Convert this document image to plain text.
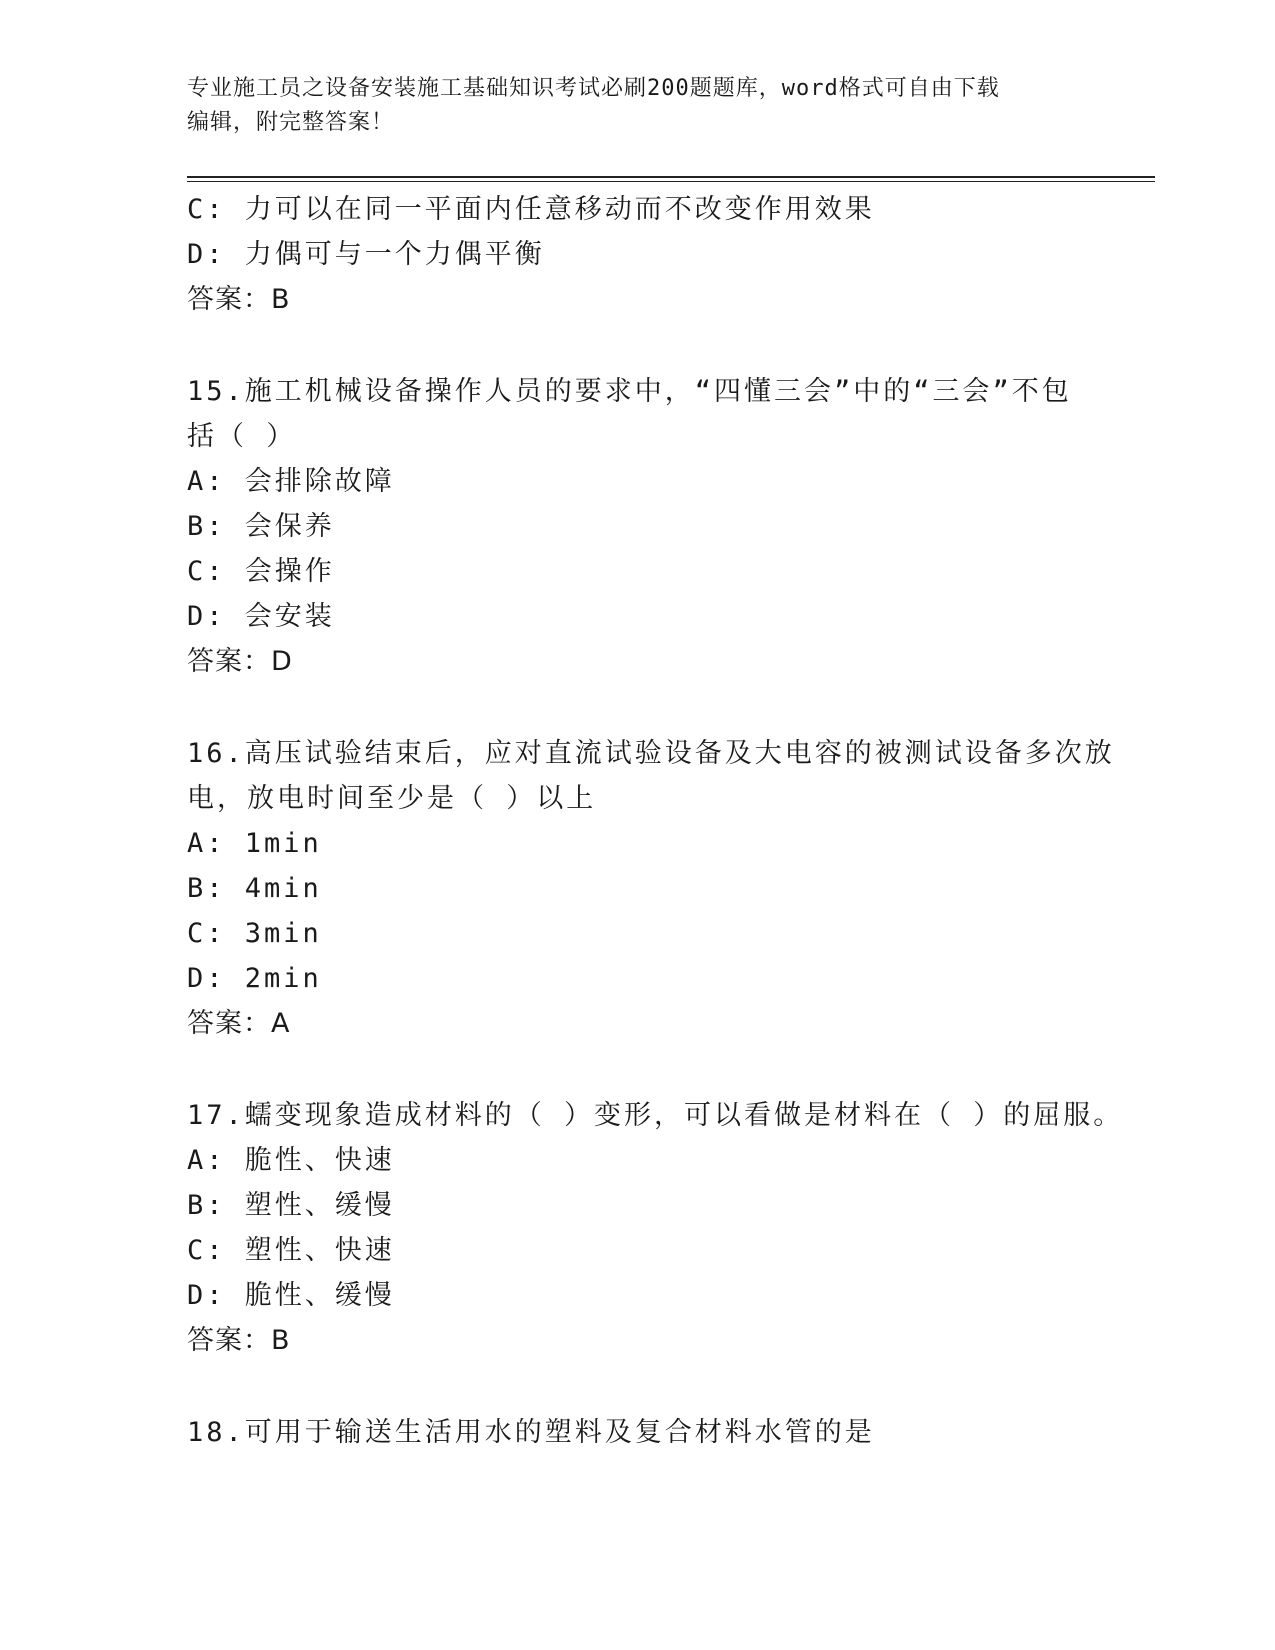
专业施工员之设备安装施工基础知识考试必刷200题题库，word格式可自由下载
编辑，附完整答案！
C: 力可以在同一平面内任意移动而不改变作用效果
D: 力偶可与一个力偶平衡
答案：B
15.施工机械设备操作人员的要求中，“四懂三会”中的“三会”不包
括（ ）
A: 会排除故障
B: 会保养
C: 会操作
D: 会安装
答案：D
16.高压试验结束后，应对直流试验设备及大电容的被测试设备多次放
电，放电时间至少是（ ）以上
A: 1min
B: 4min
C: 3min
D: 2min
答案：A
17.蠕变现象造成材料的（ ）变形，可以看做是材料在（ ）的屈服。
A: 脆性、快速
B: 塑性、缓慢
C: 塑性、快速
D: 脆性、缓慢
答案：B
18.可用于输送生活用水的塑料及复合材料水管的是
